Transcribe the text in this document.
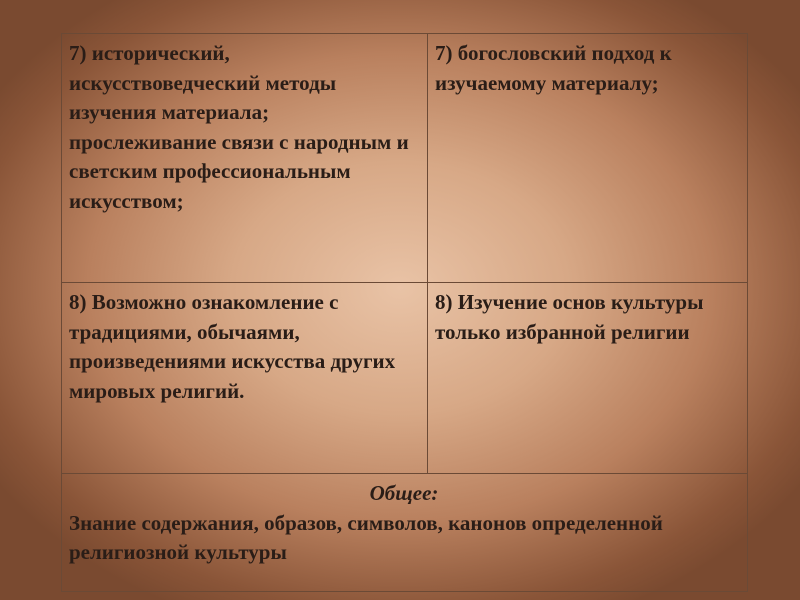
7) исторический, искусствоведческий методы изучения материала; прослеживание связи с народным и светским профессиональным искусством;	7) богословский подход к изучаемому материалу;
8) Возможно ознакомление с традициями, обычаями, произведениями искусства других мировых религий.	8) Изучение основ культуры только избранной религии

Общее:
Знание содержания, образов, символов, канонов определенной религиозной культуры	
